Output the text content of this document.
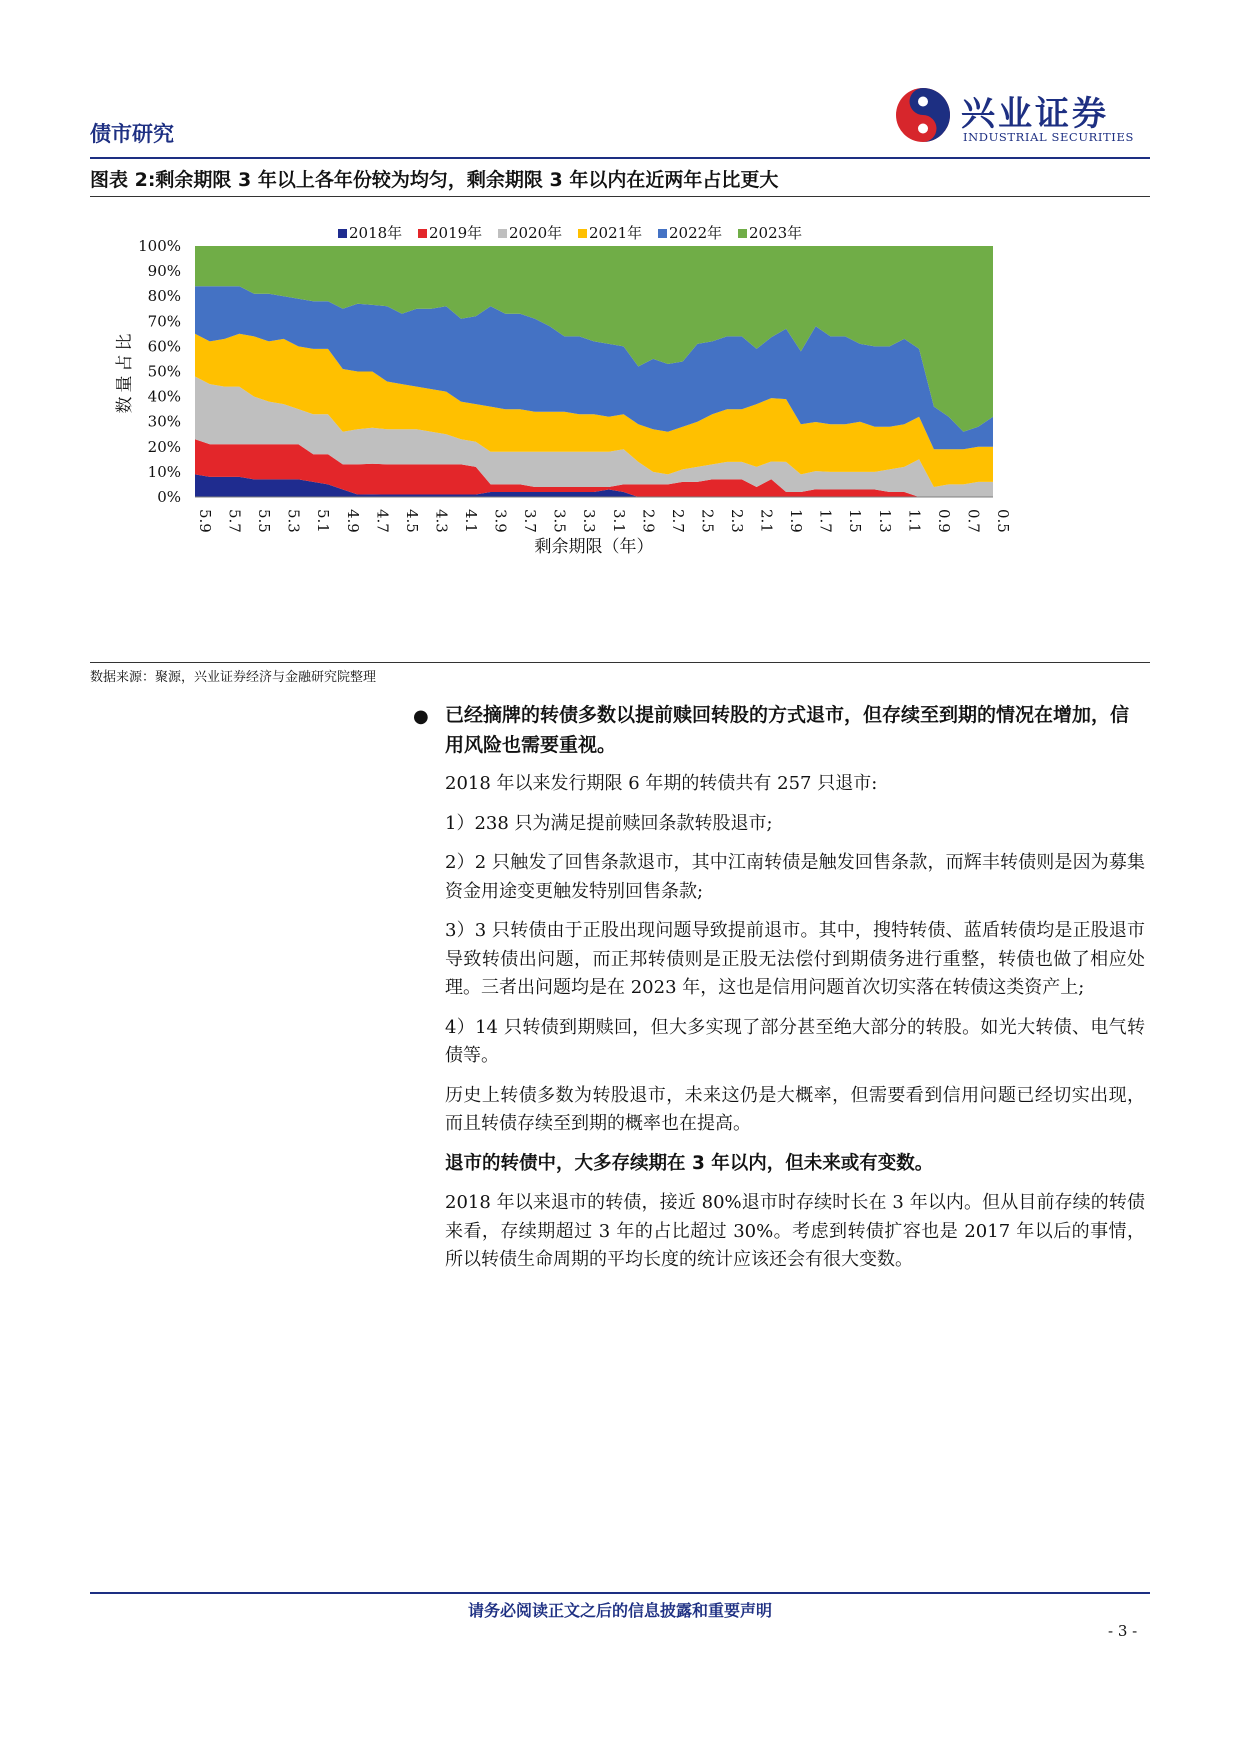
债市研究	兴业证券
INDUSTRIAL SECURITIES
图表 2:剩余期限 3 年以上各年份较为均匀，剩余期限 3 年以内在近两年占比更大
0%
10%
20%
30%
40%
50%
60%
70%
80%
90%
100%
5.9 5.7 5.5 5.3 5.1 4.9 4.7 4.5 4.3 4.1 3.9 3.7 3.5 3.3 3.1 2.9 2.7 2.5 2.3 2.1 1.9 1.7 1.5 1.3 1.1 0.9 0.7 0.5
剩余期限（年）
数量占比
2018年 2019年 2020年 2021年 2022年 2023年
数据来源：聚源，兴业证券经济与金融研究院整理
● 已经摘牌的转债多数以提前赎回转股的方式退市，但存续至到期的情况在增加，信用风险也需要重视。

2018 年以来发行期限 6 年期的转债共有 257 只退市:

1）238 只为满足提前赎回条款转股退市;

2）2 只触发了回售条款退市，其中江南转债是触发回售条款，而辉丰转债则是因为募集资金用途变更触发特别回售条款;

3）3 只转债由于正股出现问题导致提前退市。其中，搜特转债、蓝盾转债均是正股退市导致转债出问题，而正邦转债则是正股无法偿付到期债务进行重整，转债也做了相应处理。三者出问题均是在 2023 年，这也是信用问题首次切实落在转债这类资产上;

4）14 只转债到期赎回，但大多实现了部分甚至绝大部分的转股。如光大转债、电气转债等。

历史上转债多数为转股退市，未来这仍是大概率，但需要看到信用问题已经切实出现，而且转债存续至到期的概率也在提高。

退市的转债中，大多存续期在 3 年以内，但未来或有变数。

2018 年以来退市的转债，接近 80%退市时存续时长在 3 年以内。但从目前存续的转债来看，存续期超过 3 年的占比超过 30%。考虑到转债扩容也是 2017 年以后的事情，所以转债生命周期的平均长度的统计应该还会有很大变数。

请务必阅读正文之后的信息披露和重要声明
- 3 -
